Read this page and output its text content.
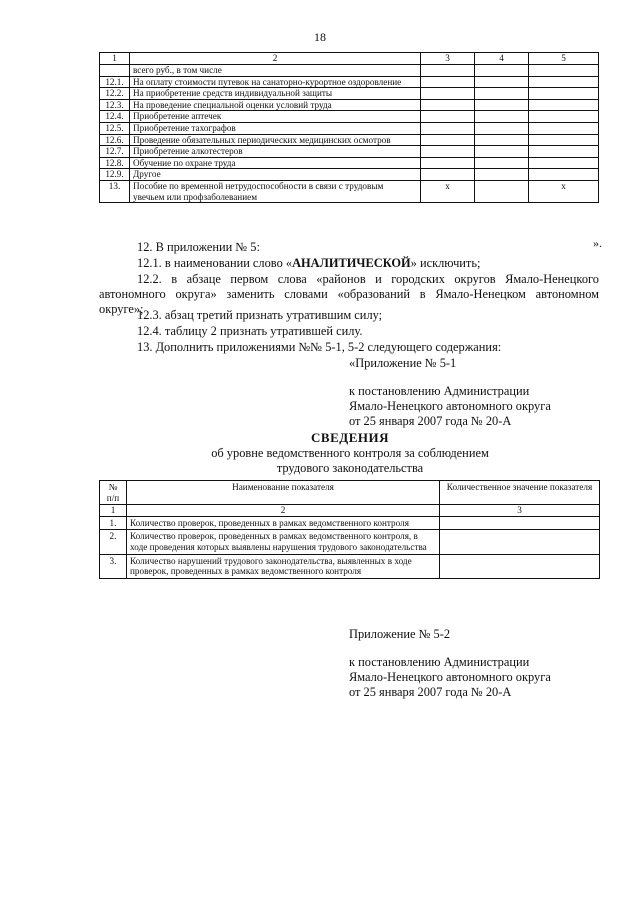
18
1	2	3	4	5
	всего руб., в том числе			
12.1.	На оплату стоимости путевок на санаторно-курортное оздоровление			
12.2.	На приобретение средств индивидуальной защиты			
12.3.	На проведение специальной оценки условий труда			
12.4.	Приобретение аптечек			
12.5.	Приобретение тахографов			
12.6.	Проведение обязательных периодических медицинских осмотров			
12.7.	Приобретение алкотестеров			
12.8.	Обучение по охране труда			
12.9.	Другое			
13.	Пособие по временной нетрудоспособности в связи с трудовым увечьем или профзаболеванием	x		x
».
12. В приложении № 5:
12.1. в наименовании слово «АНАЛИТИЧЕСКОЙ» исключить;
12.2. в абзаце первом слова «районов и городских округов Ямало-Ненецкого автономного округа» заменить словами «образований в Ямало-Ненецком автономном округе»;
12.3. абзац третий признать утратившим силу;
12.4. таблицу 2 признать утратившей силу.
13. Дополнить приложениями №№ 5-1, 5-2 следующего содержания:
«Приложение № 5-1
к постановлению Администрации
Ямало-Ненецкого автономного округа
от 25 января 2007 года № 20-А
СВЕДЕНИЯ
об уровне ведомственного контроля за соблюдением
трудового законодательства
№
п/п	Наименование показателя	Количественное значение показателя
1	2	3
1.	Количество проверок, проведенных в рамках ведомственного контроля	
2.	Количество проверок, проведенных в рамках ведомственного контроля, в ходе проведения которых выявлены нарушения трудового законодательства	
3.	Количество нарушений трудового законодательства, выявленных в ходе проверок, проведенных в рамках ведомственного контроля	
Приложение № 5-2
к постановлению Администрации
Ямало-Ненецкого автономного округа
от 25 января 2007 года № 20-А
